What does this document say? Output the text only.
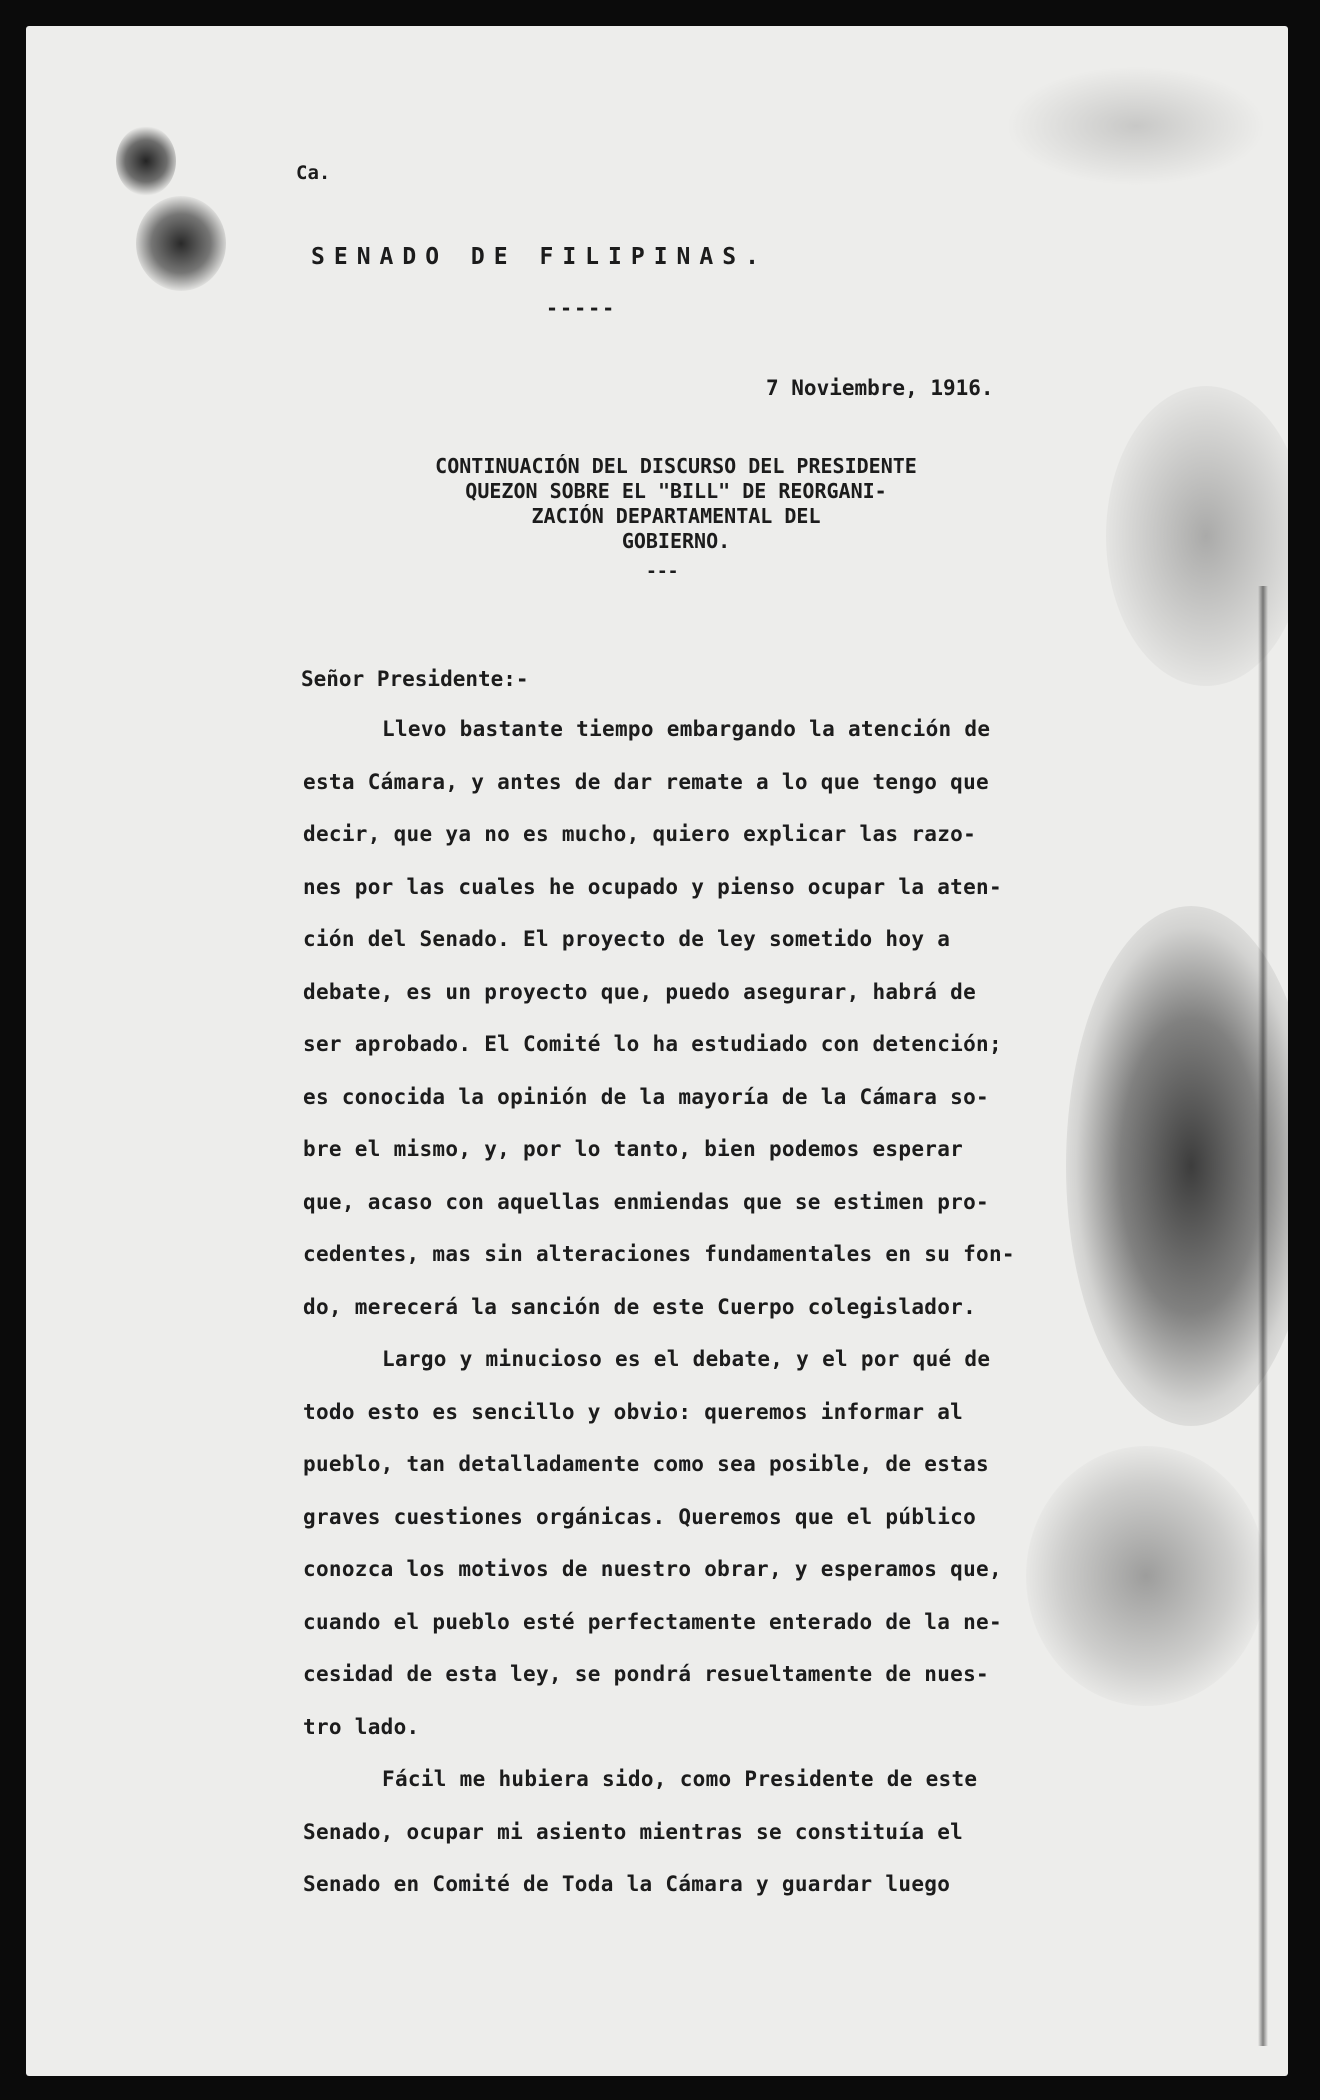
Ca.

SENADO DE FILIPINAS.

-----

7 Noviembre, 1916.

CONTINUACIÓN DEL DISCURSO DEL PRESIDENTE
QUEZON SOBRE EL "BILL" DE REORGANI-
ZACIÓN DEPARTAMENTAL DEL
GOBIERNO.

---

Señor Presidente:-

Llevo bastante tiempo embargando la atención de

esta Cámara, y antes de dar remate a lo que tengo que

decir, que ya no es mucho, quiero explicar las razo-

nes por las cuales he ocupado y pienso ocupar la aten-

ción del Senado. El proyecto de ley sometido hoy a

debate, es un proyecto que, puedo asegurar, habrá de

ser aprobado. El Comité lo ha estudiado con detención;

es conocida la opinión de la mayoría de la Cámara so-

bre el mismo, y, por lo tanto, bien podemos esperar

que, acaso con aquellas enmiendas que se estimen pro-

cedentes, mas sin alteraciones fundamentales en su fon-

do, merecerá la sanción de este Cuerpo colegislador.

Largo y minucioso es el debate, y el por qué de

todo esto es sencillo y obvio: queremos informar al

pueblo, tan detalladamente como sea posible, de estas

graves cuestiones orgánicas. Queremos que el público

conozca los motivos de nuestro obrar, y esperamos que,

cuando el pueblo esté perfectamente enterado de la ne-

cesidad de esta ley, se pondrá resueltamente de nues-

tro lado.

Fácil me hubiera sido, como Presidente de este

Senado, ocupar mi asiento mientras se constituía el

Senado en Comité de Toda la Cámara y guardar luego
